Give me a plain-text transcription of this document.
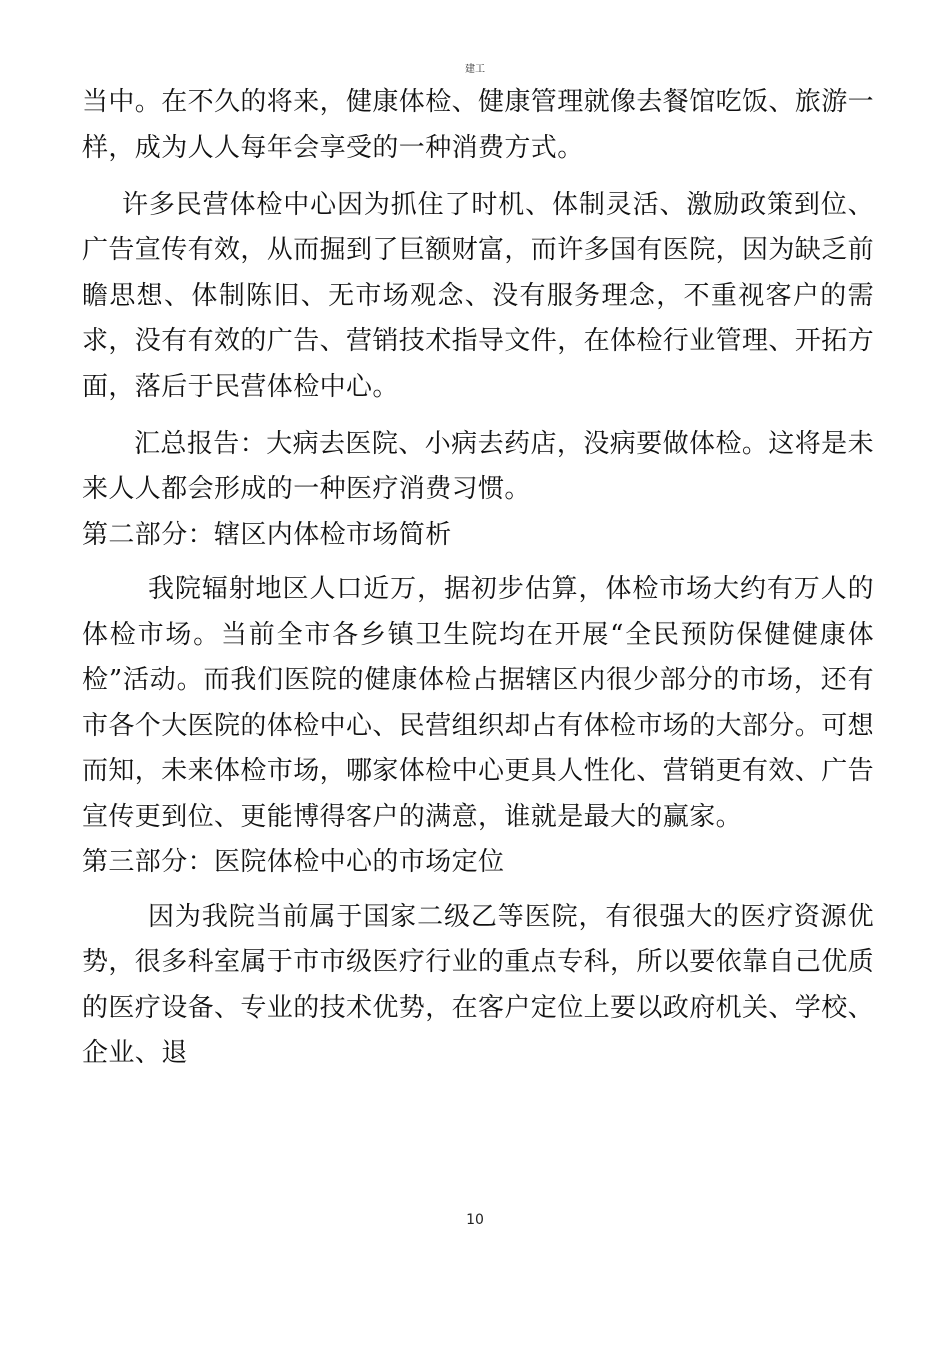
建工

当中。在不久的将来，健康体检、健康管理就像去餐馆吃饭、旅游一样，成为人人每年会享受的一种消费方式。

许多民营体检中心因为抓住了时机、体制灵活、激励政策到位、广告宣传有效，从而掘到了巨额财富，而许多国有医院，因为缺乏前瞻思想、体制陈旧、无市场观念、没有服务理念，不重视客户的需求，没有有效的广告、营销技术指导文件，在体检行业管理、开拓方面，落后于民营体检中心。

汇总报告：大病去医院、小病去药店，没病要做体检。这将是未来人人都会形成的一种医疗消费习惯。

第二部分：辖区内体检市场简析

我院辐射地区人口近万，据初步估算，体检市场大约有万人的体检市场。当前全市各乡镇卫生院均在开展“全民预防保健健康体检”活动。而我们医院的健康体检占据辖区内很少部分的市场，还有市各个大医院的体检中心、民营组织却占有体检市场的大部分。可想而知，未来体检市场，哪家体检中心更具人性化、营销更有效、广告宣传更到位、更能博得客户的满意，谁就是最大的赢家。

第三部分：医院体检中心的市场定位

因为我院当前属于国家二级乙等医院，有很强大的医疗资源优势，很多科室属于市市级医疗行业的重点专科，所以要依靠自己优质的医疗设备、专业的技术优势，在客户定位上要以政府机关、学校、企业、退

10
